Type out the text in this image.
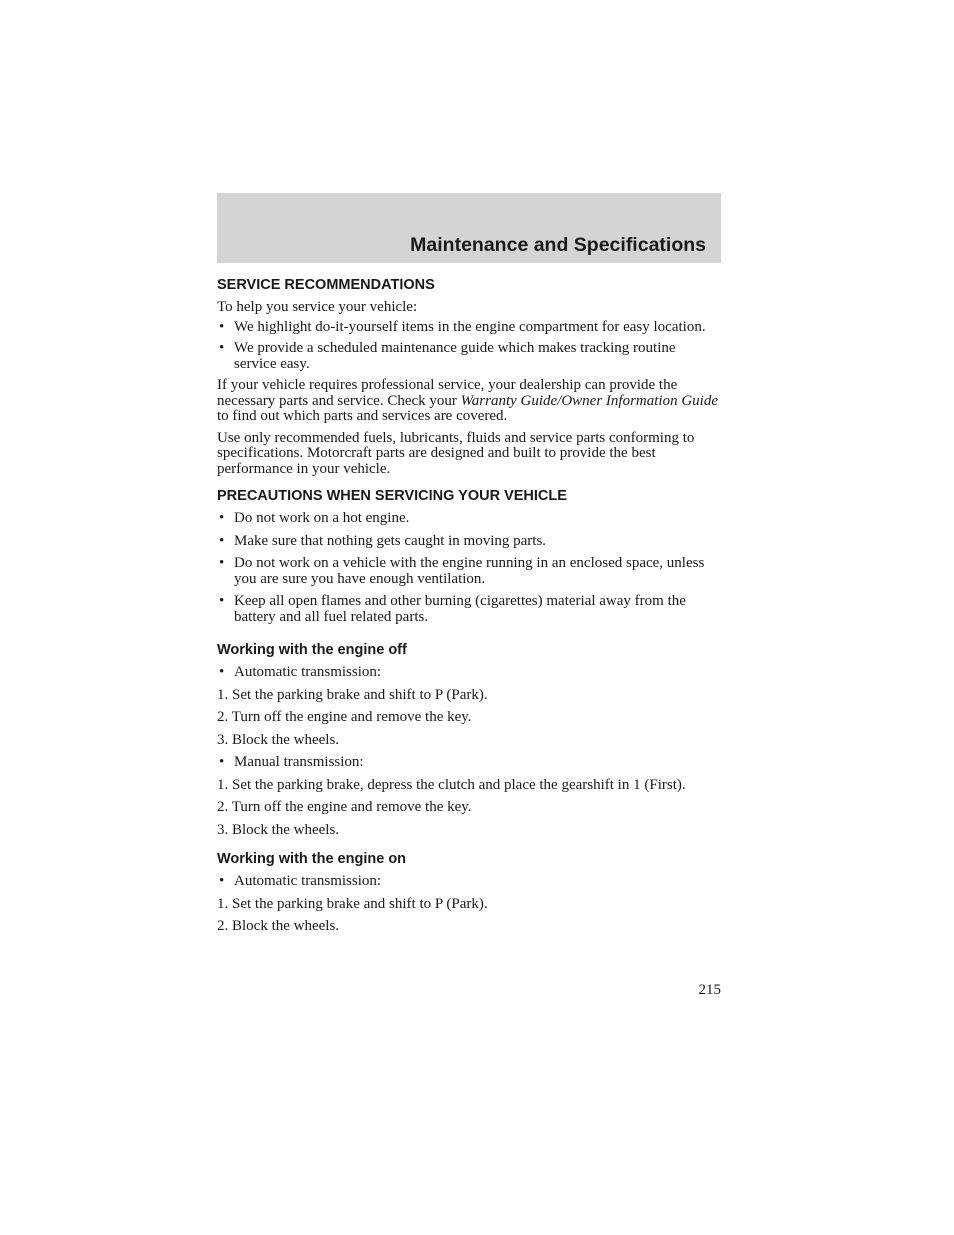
Maintenance and Specifications
SERVICE RECOMMENDATIONS

To help you service your vehicle:

• We highlight do-it-yourself items in the engine compartment for easy location.
• We provide a scheduled maintenance guide which makes tracking routine service easy.

If your vehicle requires professional service, your dealership can provide the necessary parts and service. Check your Warranty Guide/Owner Information Guide to find out which parts and services are covered.

Use only recommended fuels, lubricants, fluids and service parts conforming to specifications. Motorcraft parts are designed and built to provide the best performance in your vehicle.

PRECAUTIONS WHEN SERVICING YOUR VEHICLE
• Do not work on a hot engine.
• Make sure that nothing gets caught in moving parts.
• Do not work on a vehicle with the engine running in an enclosed space, unless you are sure you have enough ventilation.
• Keep all open flames and other burning (cigarettes) material away from the battery and all fuel related parts.
Working with the engine off
• Automatic transmission:
1. Set the parking brake and shift to P (Park).
2. Turn off the engine and remove the key.
3. Block the wheels.
• Manual transmission:
1. Set the parking brake, depress the clutch and place the gearshift in 1 (First).
2. Turn off the engine and remove the key.
3. Block the wheels.
Working with the engine on
• Automatic transmission:
1. Set the parking brake and shift to P (Park).
2. Block the wheels.
215
